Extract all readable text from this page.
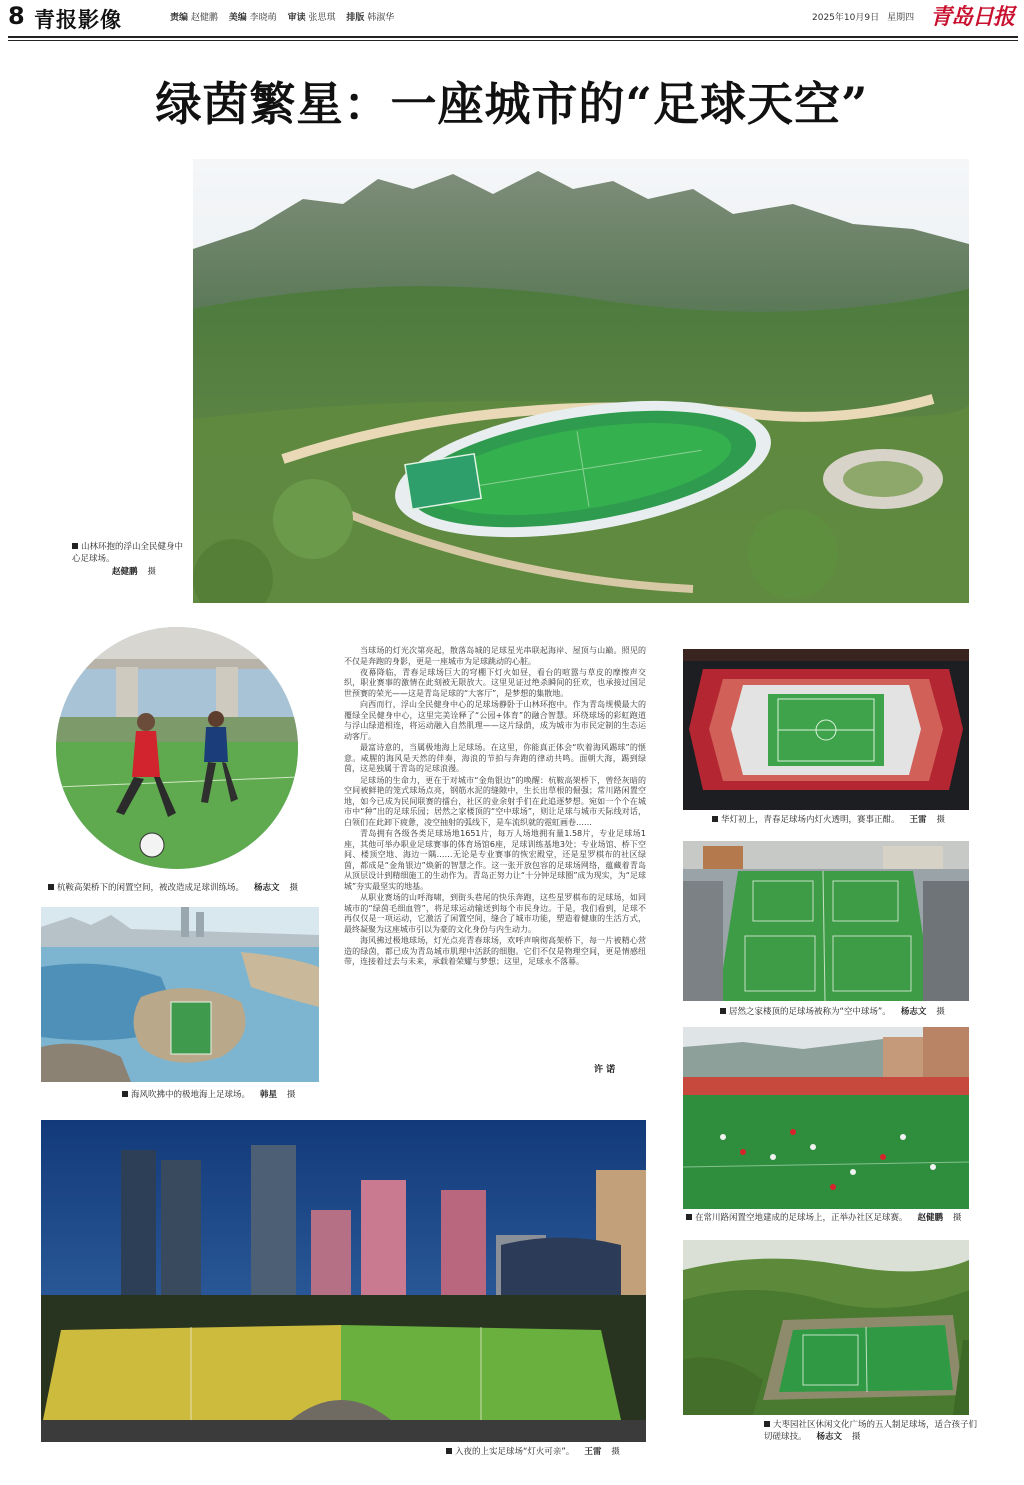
8 青报影像	责编 赵健鹏 美编 李晓萌 审读 张思琪 排版 韩淑华	2025年10月9日 星期四 青岛日报
绿茵繁星：一座城市的“足球天空”
山林环抱的浮山全民健身中心足球场。
赵健鹏 摄
杭鞍高架桥下的闲置空间，被改造成足球训练场。 杨志文 摄
海风吹拂中的极地海上足球场。 韩星 摄

当球场的灯光次第亮起，散落岛城的足球星光串联起海岸、屋顶与山巅。照见的不仅是奔跑的身影，更是一座城市为足球跳动的心脏。

夜幕降临，青春足球场巨大的穹棚下灯火如昼，看台的喧嚣与草皮的摩擦声交织，职业赛事的激情在此刻被无限放大。这里见证过绝杀瞬间的狂欢，也承接过国足世预赛的荣光——这是青岛足球的“大客厅”，是梦想的集散地。

向西而行，浮山全民健身中心的足球场静卧于山林环抱中。作为青岛规模最大的覆绿全民健身中心，这里完美诠释了“公园+体育”的融合智慧。环绕球场的彩虹跑道与浮山绿道相连，将运动融入自然肌理——这片绿荫，成为城市为市民定制的生态运动客厅。

最富诗意的，当属极地海上足球场。在这里，你能真正体会“吹着海风踢球”的惬意。咸腥的海风是天然的伴奏，海浪的节拍与奔跑的律动共鸣。面朝大海，踢到绿茵，这是独属于青岛的足球浪漫。

足球场的生命力，更在于对城市“金角银边”的唤醒：杭鞍高架桥下，曾经灰暗的空间被鲜艳的笼式球场点亮，钢筋水泥的缝隙中，生长出草根的倔强；常川路闲置空地，如今已成为民间联赛的擂台，社区的业余射手们在此追逐梦想。宛如一个个在城市中“种”出的足球乐园；居然之家楼顶的“空中球场”，则让足球与城市天际线对话，白领们在此卸下疲惫，凌空抽射的弧线下，是车流织就的霓虹画卷……

青岛拥有各级各类足球场地1651片，每万人场地拥有量1.58片，专业足球场1座，其他可举办职业足球赛事的体育场馆6座，足球训练基地3处；专业场馆、桥下空间、楼顶空地、海边一隅……无论是专业赛事的恢宏殿堂，还是星罗棋布的社区绿茵，都成是“金角银边”焕新的智慧之作。这一张开放包容的足球场网络，蕴藏着青岛从顶层设计到精细施工的生动作为。青岛正努力让“十分钟足球圈”成为现实，为“足球城”夯实最坚实的地基。

从职业赛场的山呼海啸，到街头巷尾的快乐奔跑，这些星罗棋布的足球场，如同城市的“绿茵毛细血管”，将足球运动输送到每个市民身边。于是，我们看到，足球不再仅仅是一项运动，它激活了闲置空间，缝合了城市功能，塑造着健康的生活方式，最终凝聚为这座城市引以为豪的文化身份与内生动力。

海风拂过极地球场，灯光点亮青春球场，欢呼声响彻高架桥下，每一片被精心营造的绿茵，都已成为青岛城市肌理中活跃的细胞。它们不仅是物理空间，更是情感纽带，连接着过去与未来，承载着荣耀与梦想；这里，足球永不落幕。

许 诺
入夜的上实足球场“灯火可亲”。 王雷 摄
华灯初上，青春足球场内灯火透明，赛事正酣。 王雷 摄
居然之家楼顶的足球场被称为“空中球场”。 杨志文 摄
在常川路闲置空地建成的足球场上，正举办社区足球赛。 赵健鹏 摄
大枣园社区休闲文化广场的五人制足球场，适合孩子们切磋球技。 杨志文 摄
